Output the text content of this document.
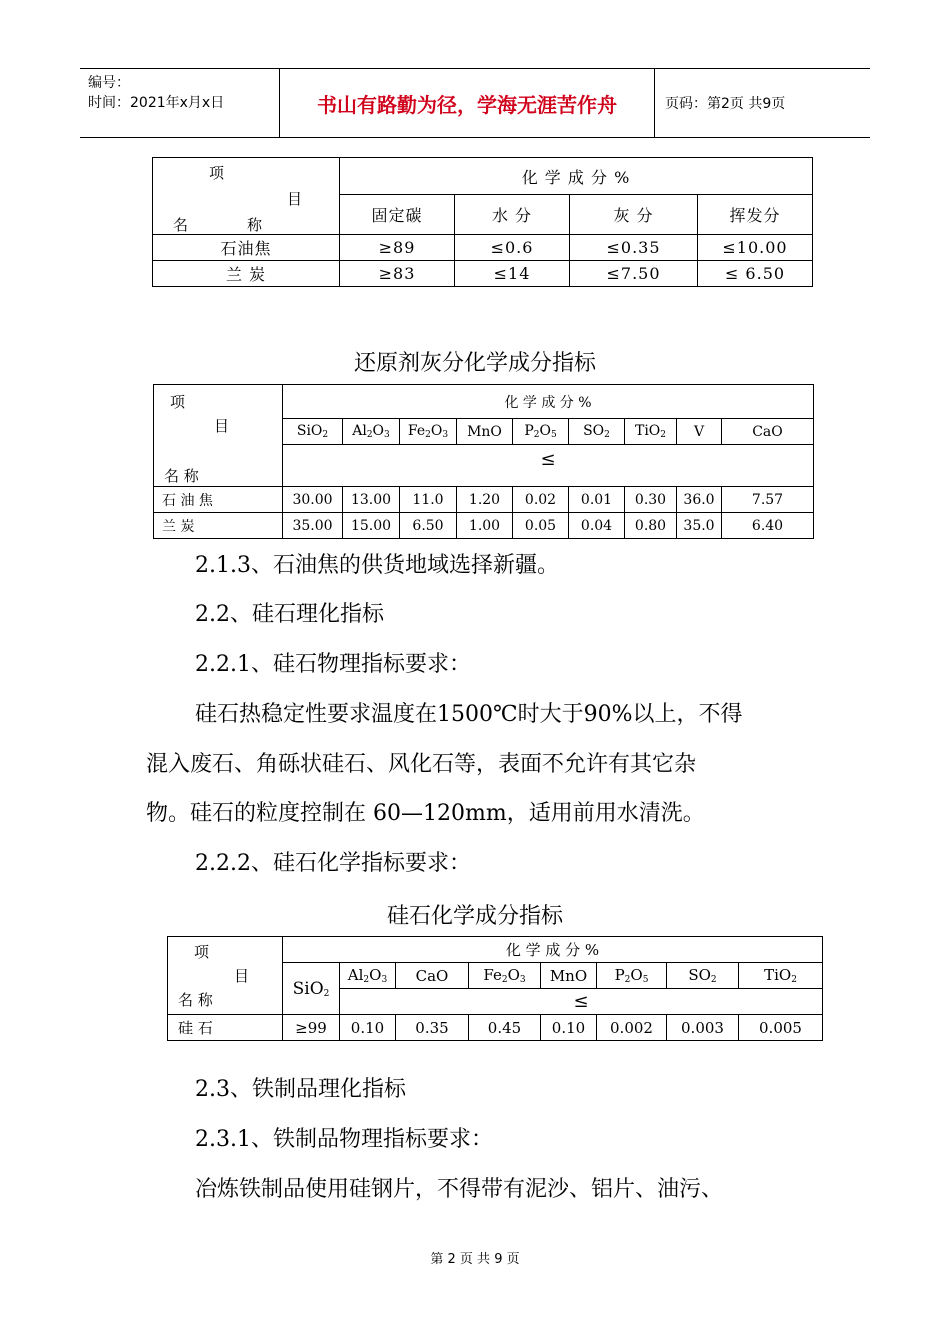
编号：
时间：2021年x月x日	书山有路勤为径，学海无涯苦作舟	页码：第2页 共9页
项
目
名 称	化 学 成 分 %			
	固定碳	水 分	灰 分	挥发分
石油焦	≥89	≤0.6	≤0.35	≤10.00
兰 炭	≥83	≤14	≤7.50	≤ 6.50
还原剂灰分化学成分指标
项
目
名 称	化 学 成 分 %								
	SiO$_2$	$Al_2O_3$	$Fe_2O_3$	MnO	$P_2O_5$	$SO_2$	TiO$_2$	V	CaO
	≤								
石 油 焦	30.00	13.00	11.0	1.20	0.02	0.01	0.30	36.0	7.57
兰 炭	35.00	15.00	6.50	1.00	0.05	0.04	0.80	35.0	6.40
2.1.3、石油焦的供货地域选择新疆。
2.2、硅石理化指标
2.2.1、硅石物理指标要求：
硅石热稳定性要求温度在1500℃时大于90%以上，不得
混入废石、角砾状硅石、风化石等，表面不允许有其它杂
物。硅石的粒度控制在 60—120mm，适用前用水清洗。
2.2.2、硅石化学指标要求：
硅石化学成分指标
项
目
名 称	化 学 成 分 %							
	SiO$_2$	$Al_2O_3$	CaO	$Fe_2O_3$	MnO	$P_2O_5$	$SO_2$	TiO$_2$
		≤						
硅 石	≥99	0.10	0.35	0.45	0.10	0.002	0.003	0.005
2.3、铁制品理化指标
2.3.1、铁制品物理指标要求：
冶炼铁制品使用硅钢片，不得带有泥沙、铝片、油污、
第 2 页 共 9 页
